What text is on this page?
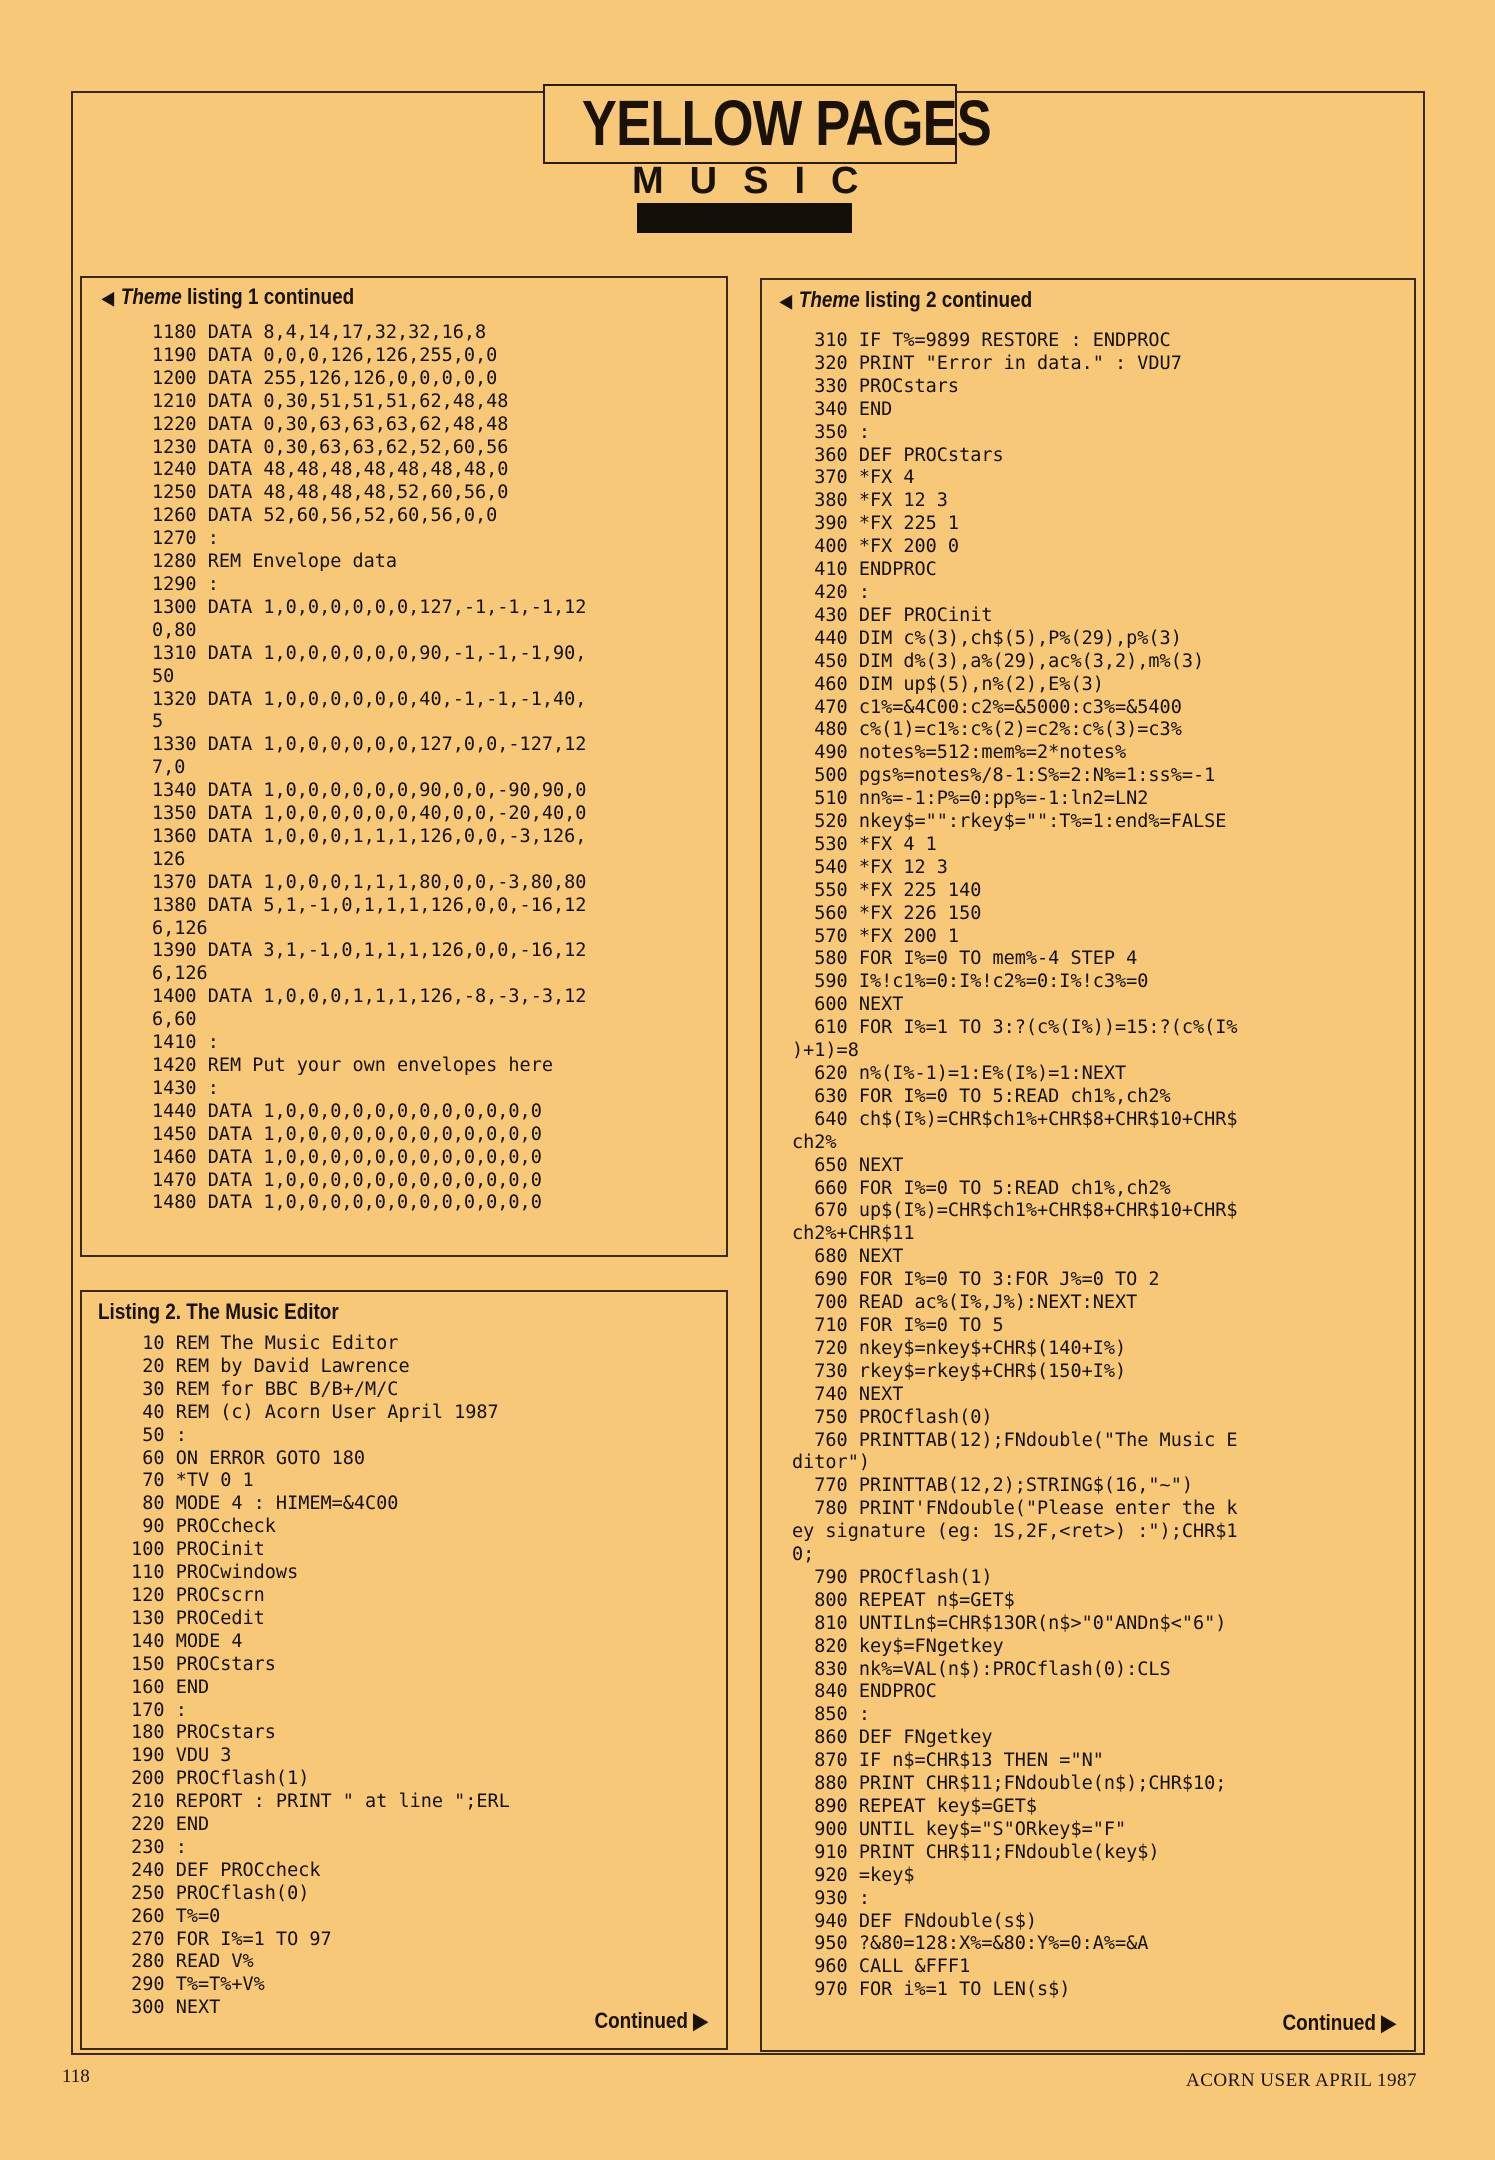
YELLOW PAGES
MUSIC
◀ Theme listing 1 continued
1180 DATA 8,4,14,17,32,32,16,8
1190 DATA 0,0,0,126,126,255,0,0
1200 DATA 255,126,126,0,0,0,0,0
1210 DATA 0,30,51,51,51,62,48,48
1220 DATA 0,30,63,63,63,62,48,48
1230 DATA 0,30,63,63,62,52,60,56
1240 DATA 48,48,48,48,48,48,48,0
1250 DATA 48,48,48,48,52,60,56,0
1260 DATA 52,60,56,52,60,56,0,0
1270 :
1280 REM Envelope data
1290 :
1300 DATA 1,0,0,0,0,0,0,127,-1,-1,-1,12
0,80
1310 DATA 1,0,0,0,0,0,0,90,-1,-1,-1,90,
50
1320 DATA 1,0,0,0,0,0,0,40,-1,-1,-1,40,
5
1330 DATA 1,0,0,0,0,0,0,127,0,0,-127,12
7,0
1340 DATA 1,0,0,0,0,0,0,90,0,0,-90,90,0
1350 DATA 1,0,0,0,0,0,0,40,0,0,-20,40,0
1360 DATA 1,0,0,0,1,1,1,126,0,0,-3,126,
126
1370 DATA 1,0,0,0,1,1,1,80,0,0,-3,80,80
1380 DATA 5,1,-1,0,1,1,1,126,0,0,-16,12
6,126
1390 DATA 3,1,-1,0,1,1,1,126,0,0,-16,12
6,126
1400 DATA 1,0,0,0,1,1,1,126,-8,-3,-3,12
6,60
1410 :
1420 REM Put your own envelopes here
1430 :
1440 DATA 1,0,0,0,0,0,0,0,0,0,0,0,0
1450 DATA 1,0,0,0,0,0,0,0,0,0,0,0,0
1460 DATA 1,0,0,0,0,0,0,0,0,0,0,0,0
1470 DATA 1,0,0,0,0,0,0,0,0,0,0,0,0
1480 DATA 1,0,0,0,0,0,0,0,0,0,0,0,0
Listing 2. The Music Editor
10 REM The Music Editor
20 REM by David Lawrence
30 REM for BBC B/B+/M/C
40 REM (c) Acorn User April 1987
50 :
60 ON ERROR GOTO 180
70 *TV 0 1
80 MODE 4 : HIMEM=&4C00
90 PROCcheck
100 PROCinit
110 PROCwindows
120 PROCscrn
130 PROCedit
140 MODE 4
150 PROCstars
160 END
170 :
180 PROCstars
190 VDU 3
200 PROCflash(1)
210 REPORT : PRINT " at line ";ERL
220 END
230 :
240 DEF PROCcheck
250 PROCflash(0)
260 T%=0
270 FOR I%=1 TO 97
280 READ V%
290 T%=T%+V%
300 NEXT
Continued ▶
◀ Theme listing 2 continued
310 IF T%=9899 RESTORE : ENDPROC
320 PRINT "Error in data." : VDU7
330 PROCstars
340 END
350 :
360 DEF PROCstars
370 *FX 4
380 *FX 12 3
390 *FX 225 1
400 *FX 200 0
410 ENDPROC
420 :
430 DEF PROCinit
440 DIM c%(3),ch$(5),P%(29),p%(3)
450 DIM d%(3),a%(29),ac%(3,2),m%(3)
460 DIM up$(5),n%(2),E%(3)
470 c1%=&4C00:c2%=&5000:c3%=&5400
480 c%(1)=c1%:c%(2)=c2%:c%(3)=c3%
490 notes%=512:mem%=2*notes%
500 pgs%=notes%/8-1:S%=2:N%=1:ss%=-1
510 nn%=-1:P%=0:pp%=-1:ln2=LN2
520 nkey$="":rkey$="":T%=1:end%=FALSE
530 *FX 4 1
540 *FX 12 3
550 *FX 225 140
560 *FX 226 150
570 *FX 200 1
580 FOR I%=0 TO mem%-4 STEP 4
590 I%!c1%=0:I%!c2%=0:I%!c3%=0
600 NEXT
610 FOR I%=1 TO 3:?(c%(I%))=15:?(c%(I%
)+1)=8
620 n%(I%-1)=1:E%(I%)=1:NEXT
630 FOR I%=0 TO 5:READ ch1%,ch2%
640 ch$(I%)=CHR$ch1%+CHR$8+CHR$10+CHR$
ch2%
650 NEXT
660 FOR I%=0 TO 5:READ ch1%,ch2%
670 up$(I%)=CHR$ch1%+CHR$8+CHR$10+CHR$
ch2%+CHR$11
680 NEXT
690 FOR I%=0 TO 3:FOR J%=0 TO 2
700 READ ac%(I%,J%):NEXT:NEXT
710 FOR I%=0 TO 5
720 nkey$=nkey$+CHR$(140+I%)
730 rkey$=rkey$+CHR$(150+I%)
740 NEXT
750 PROCflash(0)
760 PRINTTAB(12);FNdouble("The Music E
ditor")
770 PRINTTAB(12,2);STRING$(16,"~")
780 PRINT'FNdouble("Please enter the k
ey signature (eg: 1S,2F,<ret>) :");CHR$1
0;
790 PROCflash(1)
800 REPEAT n$=GET$
810 UNTILn$=CHR$13OR(n$>"0"ANDn$<"6")
820 key$=FNgetkey
830 nk%=VAL(n$):PROCflash(0):CLS
840 ENDPROC
850 :
860 DEF FNgetkey
870 IF n$=CHR$13 THEN ="N"
880 PRINT CHR$11;FNdouble(n$);CHR$10;
890 REPEAT key$=GET$
900 UNTIL key$="S"ORkey$="F"
910 PRINT CHR$11;FNdouble(key$)
920 =key$
930 :
940 DEF FNdouble(s$)
950 ?&80=128:X%=&80:Y%=0:A%=&A
960 CALL &FFF1
970 FOR i%=1 TO LEN(s$)
Continued ▶
118	ACORN USER APRIL 1987
